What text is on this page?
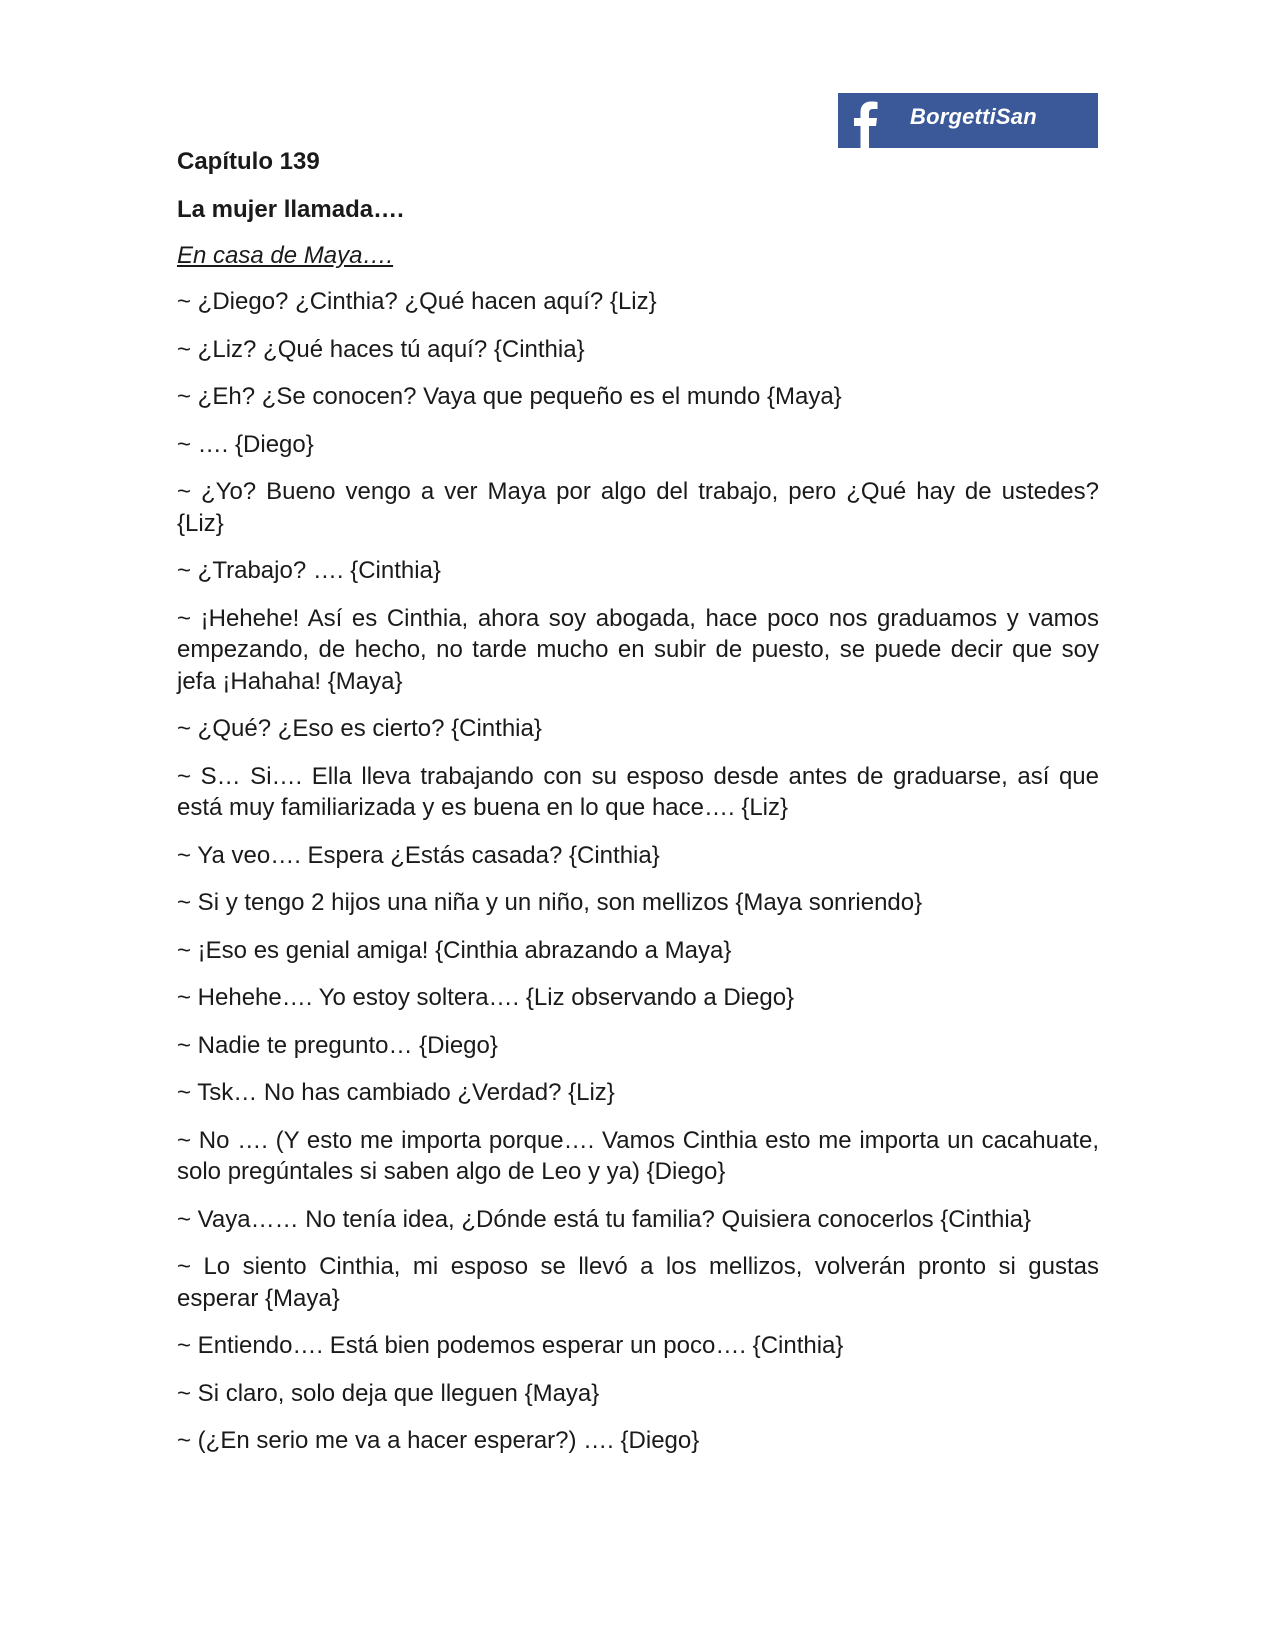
BorgettiSan
Capítulo 139
La mujer llamada….
En casa de Maya….
~ ¿Diego? ¿Cinthia? ¿Qué hacen aquí? {Liz}
~ ¿Liz? ¿Qué haces tú aquí? {Cinthia}
~ ¿Eh? ¿Se conocen? Vaya que pequeño es el mundo {Maya}
~ …. {Diego}
~ ¿Yo? Bueno vengo a ver Maya por algo del trabajo, pero ¿Qué hay de ustedes? {Liz}
~ ¿Trabajo? …. {Cinthia}
~ ¡Hehehe! Así es Cinthia, ahora soy abogada, hace poco nos graduamos y vamos empezando, de hecho, no tarde mucho en subir de puesto, se puede decir que soy jefa ¡Hahaha! {Maya}
~ ¿Qué? ¿Eso es cierto? {Cinthia}
~ S… Si…. Ella lleva trabajando con su esposo desde antes de graduarse, así que está muy familiarizada y es buena en lo que hace…. {Liz}
~ Ya veo…. Espera ¿Estás casada? {Cinthia}
~ Si y tengo 2 hijos una niña y un niño, son mellizos {Maya sonriendo}
~ ¡Eso es genial amiga! {Cinthia abrazando a Maya}
~ Hehehe…. Yo estoy soltera…. {Liz observando a Diego}
~ Nadie te pregunto… {Diego}
~ Tsk… No has cambiado ¿Verdad? {Liz}
~ No …. (Y esto me importa porque…. Vamos Cinthia esto me importa un cacahuate, solo pregúntales si saben algo de Leo y ya) {Diego}
~ Vaya…… No tenía idea, ¿Dónde está tu familia? Quisiera conocerlos {Cinthia}
~ Lo siento Cinthia, mi esposo se llevó a los mellizos, volverán pronto si gustas esperar {Maya}
~ Entiendo…. Está bien podemos esperar un poco…. {Cinthia}
~ Si claro, solo deja que lleguen {Maya}
~ (¿En serio me va a hacer esperar?) …. {Diego}
